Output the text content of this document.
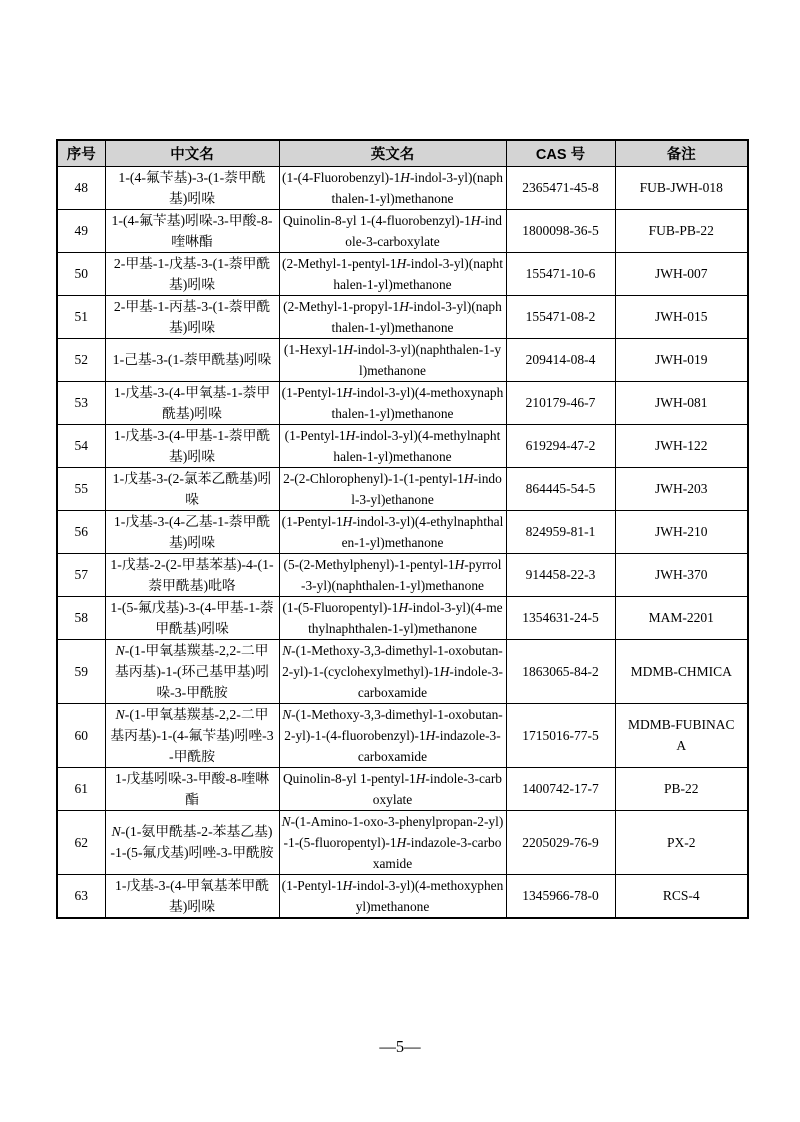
序号	中文名	英文名	CAS 号	备注
48	1-(4-氟苄基)-3-(1-萘甲酰基)吲哚	(1-(4-Fluorobenzyl)-1H-indol-3-yl)(naphthalen-1-yl)methanone	2365471-45-8	FUB-JWH-018
49	1-(4-氟苄基)吲哚-3-甲酸-8-喹啉酯	Quinolin-8-yl 1-(4-fluorobenzyl)-1H-indole-3-carboxylate	1800098-36-5	FUB-PB-22
50	2-甲基-1-戊基-3-(1-萘甲酰基)吲哚	(2-Methyl-1-pentyl-1H-indol-3-yl)(naphthalen-1-yl)methanone	155471-10-6	JWH-007
51	2-甲基-1-丙基-3-(1-萘甲酰基)吲哚	(2-Methyl-1-propyl-1H-indol-3-yl)(naphthalen-1-yl)methanone	155471-08-2	JWH-015
52	1-己基-3-(1-萘甲酰基)吲哚	(1-Hexyl-1H-indol-3-yl)(naphthalen-1-yl)methanone	209414-08-4	JWH-019
53	1-戊基-3-(4-甲氧基-1-萘甲酰基)吲哚	(1-Pentyl-1H-indol-3-yl)(4-methoxynaphthalen-1-yl)methanone	210179-46-7	JWH-081
54	1-戊基-3-(4-甲基-1-萘甲酰基)吲哚	(1-Pentyl-1H-indol-3-yl)(4-methylnaphthalen-1-yl)methanone	619294-47-2	JWH-122
55	1-戊基-3-(2-氯苯乙酰基)吲哚	2-(2-Chlorophenyl)-1-(1-pentyl-1H-indol-3-yl)ethanone	864445-54-5	JWH-203
56	1-戊基-3-(4-乙基-1-萘甲酰基)吲哚	(1-Pentyl-1H-indol-3-yl)(4-ethylnaphthalen-1-yl)methanone	824959-81-1	JWH-210
57	1-戊基-2-(2-甲基苯基)-4-(1-萘甲酰基)吡咯	(5-(2-Methylphenyl)-1-pentyl-1H-pyrrol-3-yl)(naphthalen-1-yl)methanone	914458-22-3	JWH-370
58	1-(5-氟戊基)-3-(4-甲基-1-萘甲酰基)吲哚	(1-(5-Fluoropentyl)-1H-indol-3-yl)(4-methylnaphthalen-1-yl)methanone	1354631-24-5	MAM-2201
59	N-(1-甲氧基羰基-2,2-二甲基丙基)-1-(环己基甲基)吲哚-3-甲酰胺	N-(1-Methoxy-3,3-dimethyl-1-oxobutan-2-yl)-1-(cyclohexylmethyl)-1H-indole-3-carboxamide	1863065-84-2	MDMB-CHMICA
60	N-(1-甲氧基羰基-2,2-二甲基丙基)-1-(4-氟苄基)吲唑-3-甲酰胺	N-(1-Methoxy-3,3-dimethyl-1-oxobutan-2-yl)-1-(4-fluorobenzyl)-1H-indazole-3-carboxamide	1715016-77-5	MDMB-FUBINACA
61	1-戊基吲哚-3-甲酸-8-喹啉酯	Quinolin-8-yl 1-pentyl-1H-indole-3-carboxylate	1400742-17-7	PB-22
62	N-(1-氨甲酰基-2-苯基乙基)-1-(5-氟戊基)吲唑-3-甲酰胺	N-(1-Amino-1-oxo-3-phenylpropan-2-yl)-1-(5-fluoropentyl)-1H-indazole-3-carboxamide	2205029-76-9	PX-2
63	1-戊基-3-(4-甲氧基苯甲酰基)吲哚	(1-Pentyl-1H-indol-3-yl)(4-methoxyphenyl)methanone	1345966-78-0	RCS-4
—5—
